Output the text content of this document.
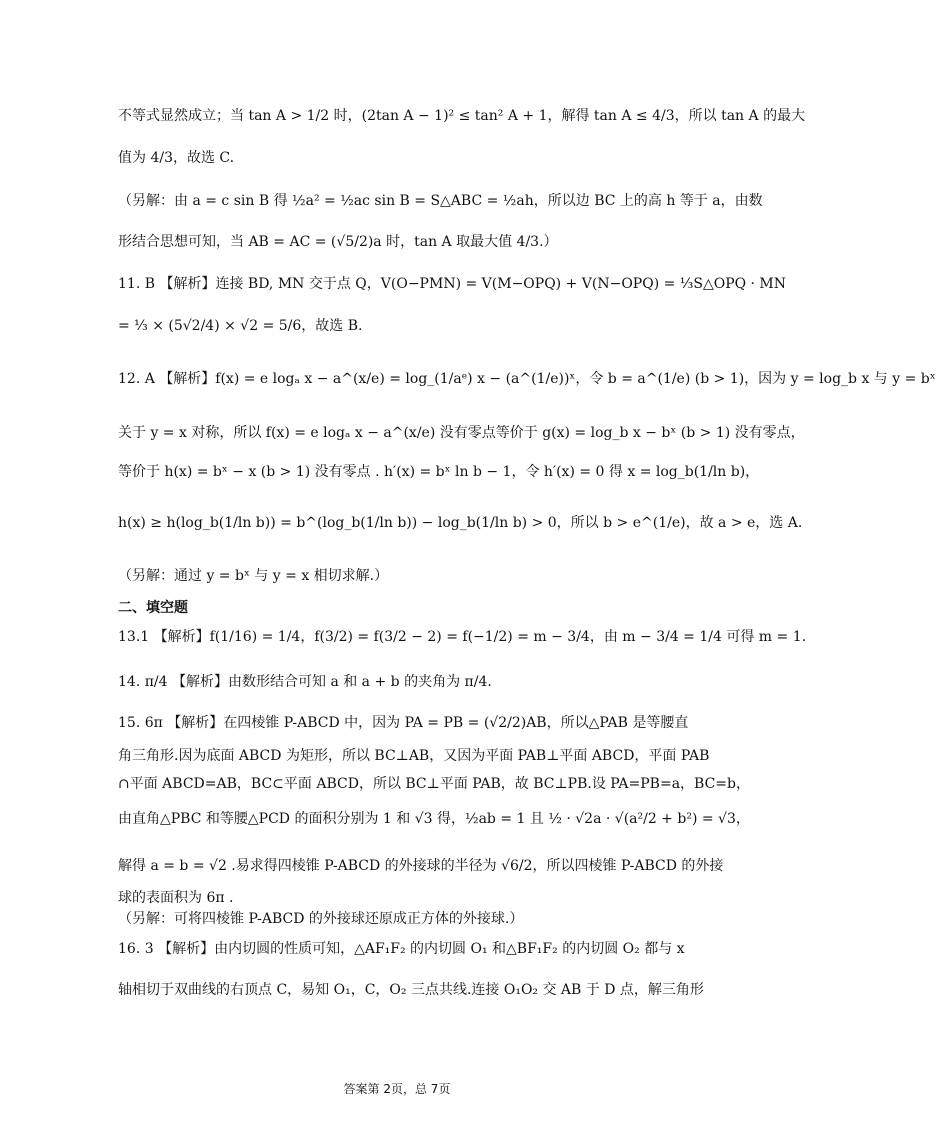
不等式显然成立；当 tan A > 1/2 时，(2tan A − 1)² ≤ tan² A + 1，解得 tan A ≤ 4/3，所以 tan A 的最大
值为 4/3，故选 C.
（另解：由 a = c sin B 得 ½a² = ½ac sin B = S△ABC = ½ah，所以边 BC 上的高 h 等于 a，由数
形结合思想可知，当 AB = AC = (√5/2)a 时，tan A 取最大值 4/3.）
11. B 【解析】连接 BD, MN 交于点 Q，V(O−PMN) = V(M−OPQ) + V(N−OPQ) = ⅓S△OPQ · MN
= ⅓ × (5√2/4) × √2 = 5/6，故选 B.
12. A 【解析】f(x) = e logₐ x − a^(x/e) = log_(1/aᵉ) x − (a^(1/e))ˣ，令 b = a^(1/e) (b > 1)，因为 y = log_b x 与 y = bˣ
关于 y = x 对称，所以 f(x) = e logₐ x − a^(x/e) 没有零点等价于 g(x) = log_b x − bˣ (b > 1) 没有零点，
等价于 h(x) = bˣ − x (b > 1) 没有零点 . h′(x) = bˣ ln b − 1，令 h′(x) = 0 得 x = log_b(1/ln b)，
h(x) ≥ h(log_b(1/ln b)) = b^(log_b(1/ln b)) − log_b(1/ln b) > 0，所以 b > e^(1/e)，故 a > e，选 A.
（另解：通过 y = bˣ 与 y = x 相切求解.）
二、填空题
13.1 【解析】f(1/16) = 1/4，f(3/2) = f(3/2 − 2) = f(−1/2) = m − 3/4，由 m − 3/4 = 1/4 可得 m = 1.
14. π/4 【解析】由数形结合可知 a 和 a + b 的夹角为 π/4.
15. 6π 【解析】在四棱锥 P-ABCD 中，因为 PA = PB = (√2/2)AB，所以△PAB 是等腰直
角三角形.因为底面 ABCD 为矩形，所以 BC⊥AB，又因为平面 PAB⊥平面 ABCD，平面 PAB
∩平面 ABCD=AB，BC⊂平面 ABCD，所以 BC⊥平面 PAB，故 BC⊥PB.设 PA=PB=a，BC=b，
由直角△PBC 和等腰△PCD 的面积分别为 1 和 √3 得，½ab = 1 且 ½ · √2a · √(a²/2 + b²) = √3，
解得 a = b = √2 .易求得四棱锥 P-ABCD 的外接球的半径为 √6/2，所以四棱锥 P-ABCD 的外接
球的表面积为 6π .
（另解：可将四棱锥 P-ABCD 的外接球还原成正方体的外接球.）
16. 3 【解析】由内切圆的性质可知，△AF₁F₂ 的内切圆 O₁ 和△BF₁F₂ 的内切圆 O₂ 都与 x
轴相切于双曲线的右顶点 C，易知 O₁，C，O₂ 三点共线.连接 O₁O₂ 交 AB 于 D 点，解三角形
答案第 2页，总 7页
